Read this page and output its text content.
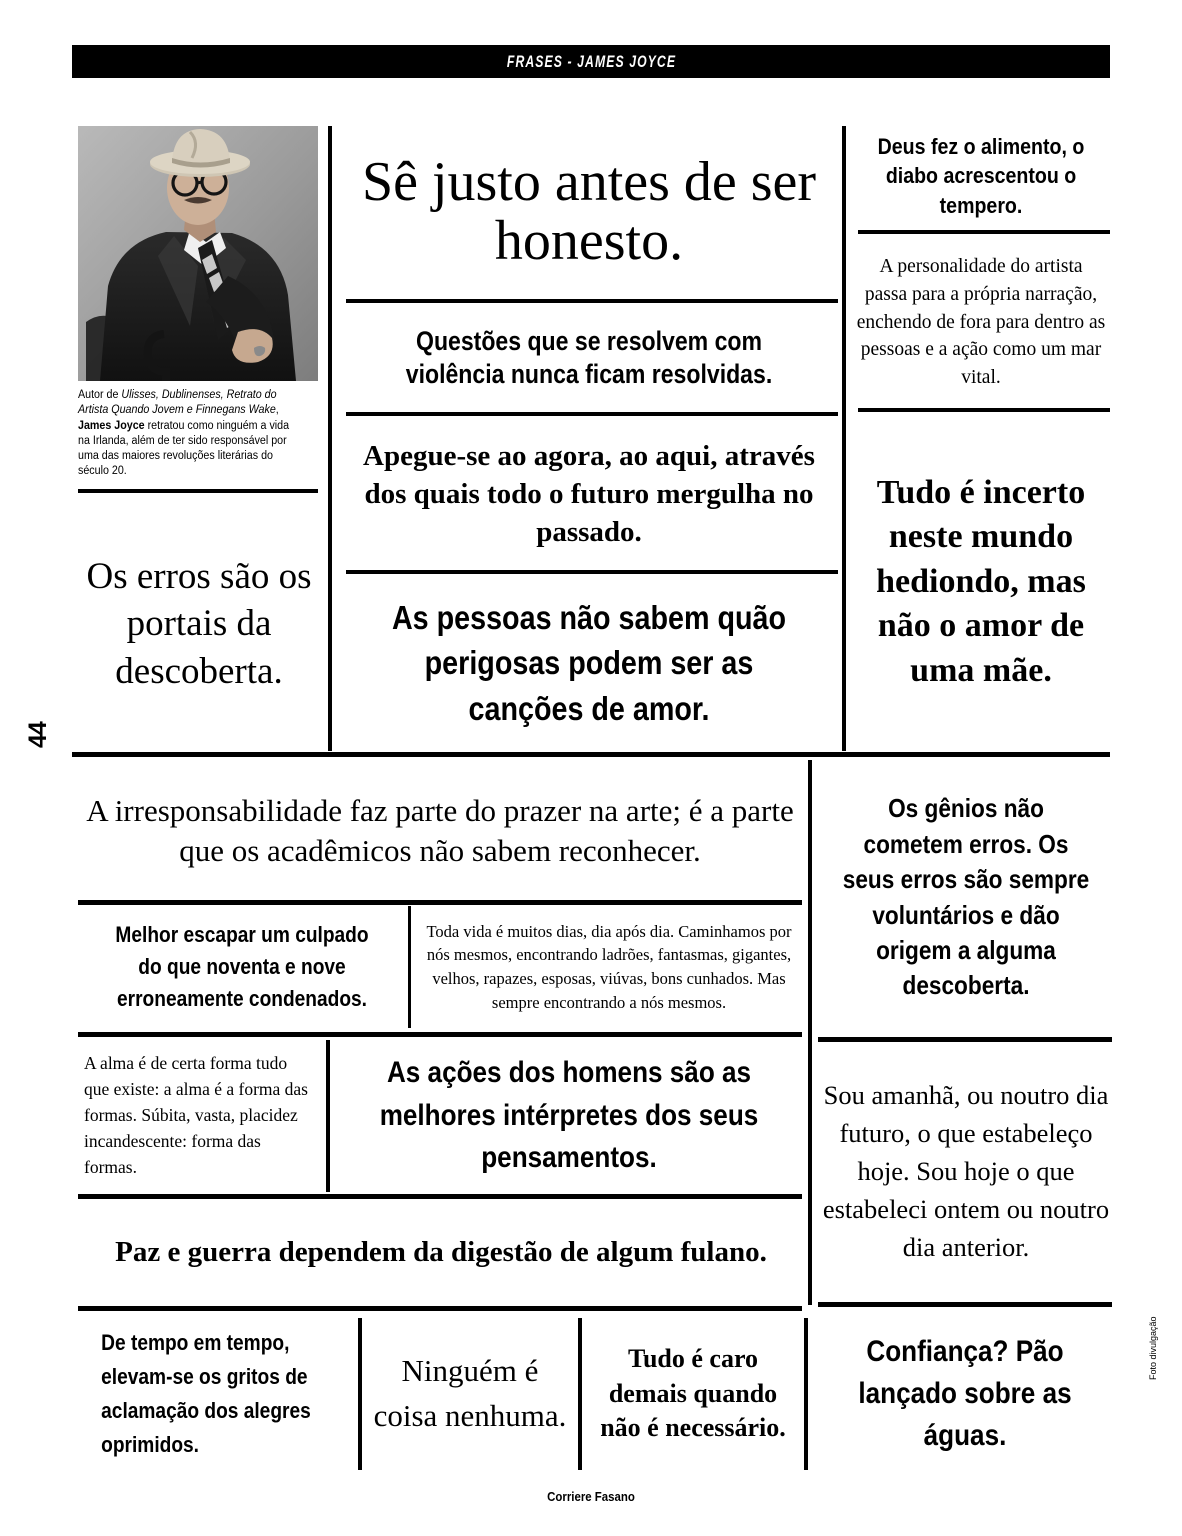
FRASES - JAMES JOYCE
44
Foto divulgação
Autor de Ulisses, Dublinenses, Retrato do Artista Quando Jovem e Finnegans Wake, James Joyce retratou como ninguém a vida na Irlanda, além de ter sido responsável por uma das maiores revoluções literárias do século 20.
Sê justo antes de ser honesto.
Questões que se resolvem com violência nunca ficam resolvidas.
Apegue-se ao agora, ao aqui, através dos quais todo o futuro mergulha no passado.
As pessoas não sabem quão perigosas podem ser as canções de amor.
Os erros são os portais da descoberta.
Deus fez o alimento, o diabo acrescentou o tempero.
A personalidade do artista passa para a própria narração, enchendo de fora para dentro as pessoas e a ação como um mar vital.
Tudo é incerto neste mundo hediondo, mas não o amor de uma mãe.
A irresponsabilidade faz parte do prazer na arte; é a parte que os acadêmicos não sabem reconhecer.
Os gênios não cometem erros. Os seus erros são sempre voluntários e dão origem a alguma descoberta.
Melhor escapar um culpado do que noventa e nove erroneamente condenados.
Toda vida é muitos dias, dia após dia. Caminhamos por nós mesmos, encontrando ladrões, fantasmas, gigantes, velhos, rapazes, esposas, viúvas, bons cunhados. Mas sempre encontrando a nós mesmos.
A alma é de certa forma tudo que existe: a alma é a forma das formas. Súbita, vasta, placidez incandescente: forma das formas.
As ações dos homens são as melhores intérpretes dos seus pensamentos.
Sou amanhã, ou noutro dia futuro, o que estabeleço hoje. Sou hoje o que estabeleci ontem ou noutro dia anterior.
Paz e guerra dependem da digestão de algum fulano.
De tempo em tempo, elevam-se os gritos de aclamação dos alegres oprimidos.
Ninguém é coisa nenhuma.
Tudo é caro demais quando não é necessário.
Confiança? Pão lançado sobre as águas.
Corriere Fasano
